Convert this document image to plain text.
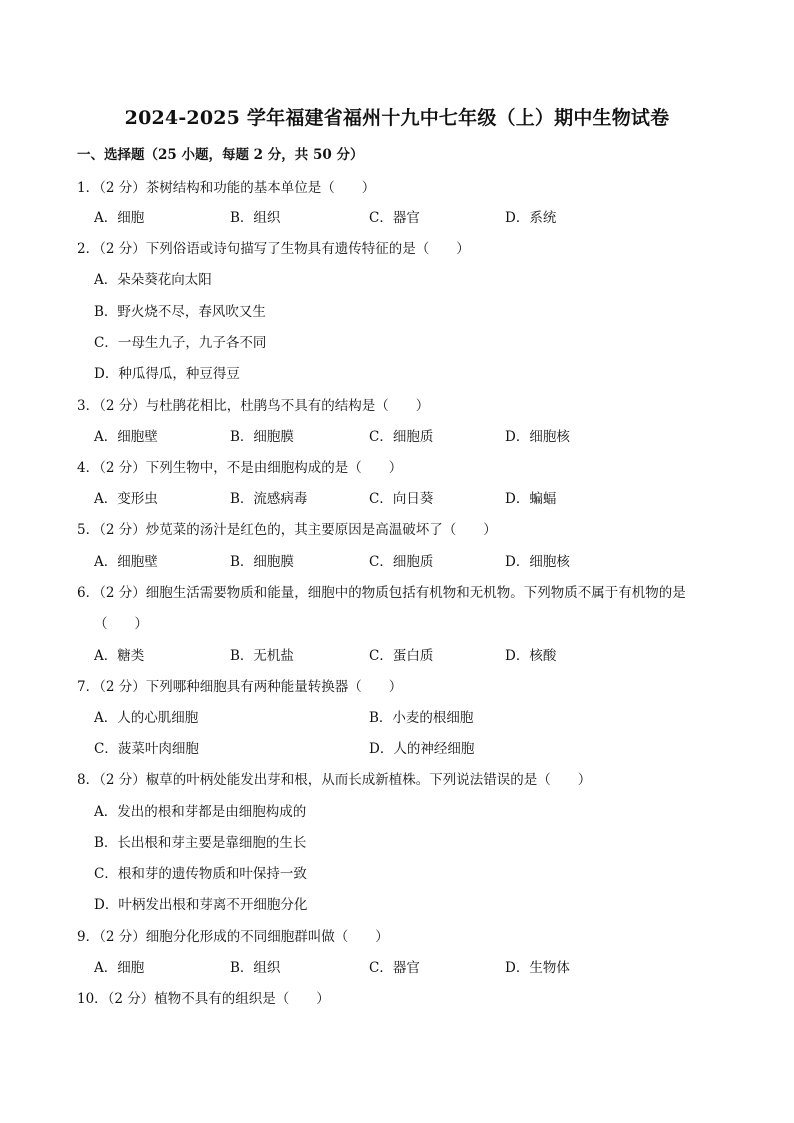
2024-2025 学年福建省福州十九中七年级（上）期中生物试卷
一、选择题（25 小题，每题 2 分，共 50 分）
1．（2 分）茶树结构和功能的基本单位是（　　）
A．细胞	B．组织	C．器官	D．系统
2．（2 分）下列俗语或诗句描写了生物具有遗传特征的是（　　）
A．朵朵葵花向太阳
B．野火烧不尽，春风吹又生
C．一母生九子，九子各不同
D．种瓜得瓜，种豆得豆
3．（2 分）与杜鹃花相比，杜鹃鸟不具有的结构是（　　）
A．细胞壁	B．细胞膜	C．细胞质	D．细胞核
4．（2 分）下列生物中，不是由细胞构成的是（　　）
A．变形虫	B．流感病毒	C．向日葵	D．蝙蝠
5．（2 分）炒苋菜的汤汁是红色的，其主要原因是高温破坏了（　　）
A．细胞壁	B．细胞膜	C．细胞质	D．细胞核
6．（2 分）细胞生活需要物质和能量，细胞中的物质包括有机物和无机物。下列物质不属于有机物的是
（　　）
A．糖类	B．无机盐	C．蛋白质	D．核酸
7．（2 分）下列哪种细胞具有两种能量转换器（　　）
A．人的心肌细胞	B．小麦的根细胞
C．菠菜叶肉细胞	D．人的神经细胞
8．（2 分）椒草的叶柄处能发出芽和根，从而长成新植株。下列说法错误的是（　　）
A．发出的根和芽都是由细胞构成的
B．长出根和芽主要是靠细胞的生长
C．根和芽的遗传物质和叶保持一致
D．叶柄发出根和芽离不开细胞分化
9．（2 分）细胞分化形成的不同细胞群叫做（　　）
A．细胞	B．组织	C．器官	D．生物体
10．（2 分）植物不具有的组织是（　　）
